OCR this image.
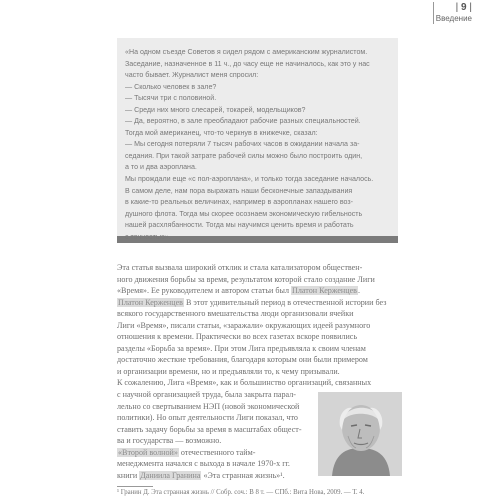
| 9 |
Введение
«На одном съезде Советов я сидел рядом с американским журналистом.
Заседание, назначенное в 11 ч., до часу еще не начиналось, как это у нас
часто бывает. Журналист меня спросил:
— Сколько человек в зале?
— Тысячи три с половиной.
— Среди них много слесарей, токарей, модельщиков?
— Да, вероятно, в зале преобладают рабочие разных специальностей.
Тогда мой американец, что-то черкнув в книжечке, сказал:
— Мы сегодня потеряли 7 тысяч рабочих часов в ожидании начала за-
седания. При такой затрате рабочей силы можно было построить один,
а то и два аэроплана.
Мы прождали еще «с пол-аэроплана», и только тогда заседание началось.
В самом деле, нам пора выражать наши бесконечные запаздывания
в какие-то реальных величинах, например в аэропланах нашего воз-
душного флота. Тогда мы скорее осознаем экономическую гибельность
нашей расхлябанности. Тогда мы научимся ценить время и работать
с точностью».
Эта статья вызвала широкий отклик и стала катализатором обществен-
ного движения борьбы за время, результатом которой стало создание Лиги
«Время». Ее руководителем и автором статьи был Платон Керженцев.
Платон Керженцев В этот удивительный период в отечественной истории без
всякого государственного вмешательства люди организовали ячейки
Лиги «Время», писали статьи, «заражали» окружающих идеей разумного
отношения к времени. Практически во всех газетах вскоре появились
разделы «Борьба за время». При этом Лига предъявляла к своим членам
достаточно жесткие требования, благодаря которым они были примером
и организации времени, но и предъявляли то, к чему призывали.
К сожалению, Лига «Время», как и большинство организаций, связанных
с научной организацией труда, была закрыта парал-
лельно со свертыванием НЭП (новой экономической
политики). Но опыт деятельности Лиги показал, что
ставить задачу борьбы за время в масштабах общест-
ва и государства — возможно.
«Второй волной» отечественного тайм-
менеджмента начался с выхода в начале 1970-х гг.
книги Даниила Гранина «Эта странная жизнь»¹.
¹ Гранин Д. Эта странная жизнь // Собр. соч.: В 8 т. — СПб.: Вита Нова, 2009. — Т. 4.
